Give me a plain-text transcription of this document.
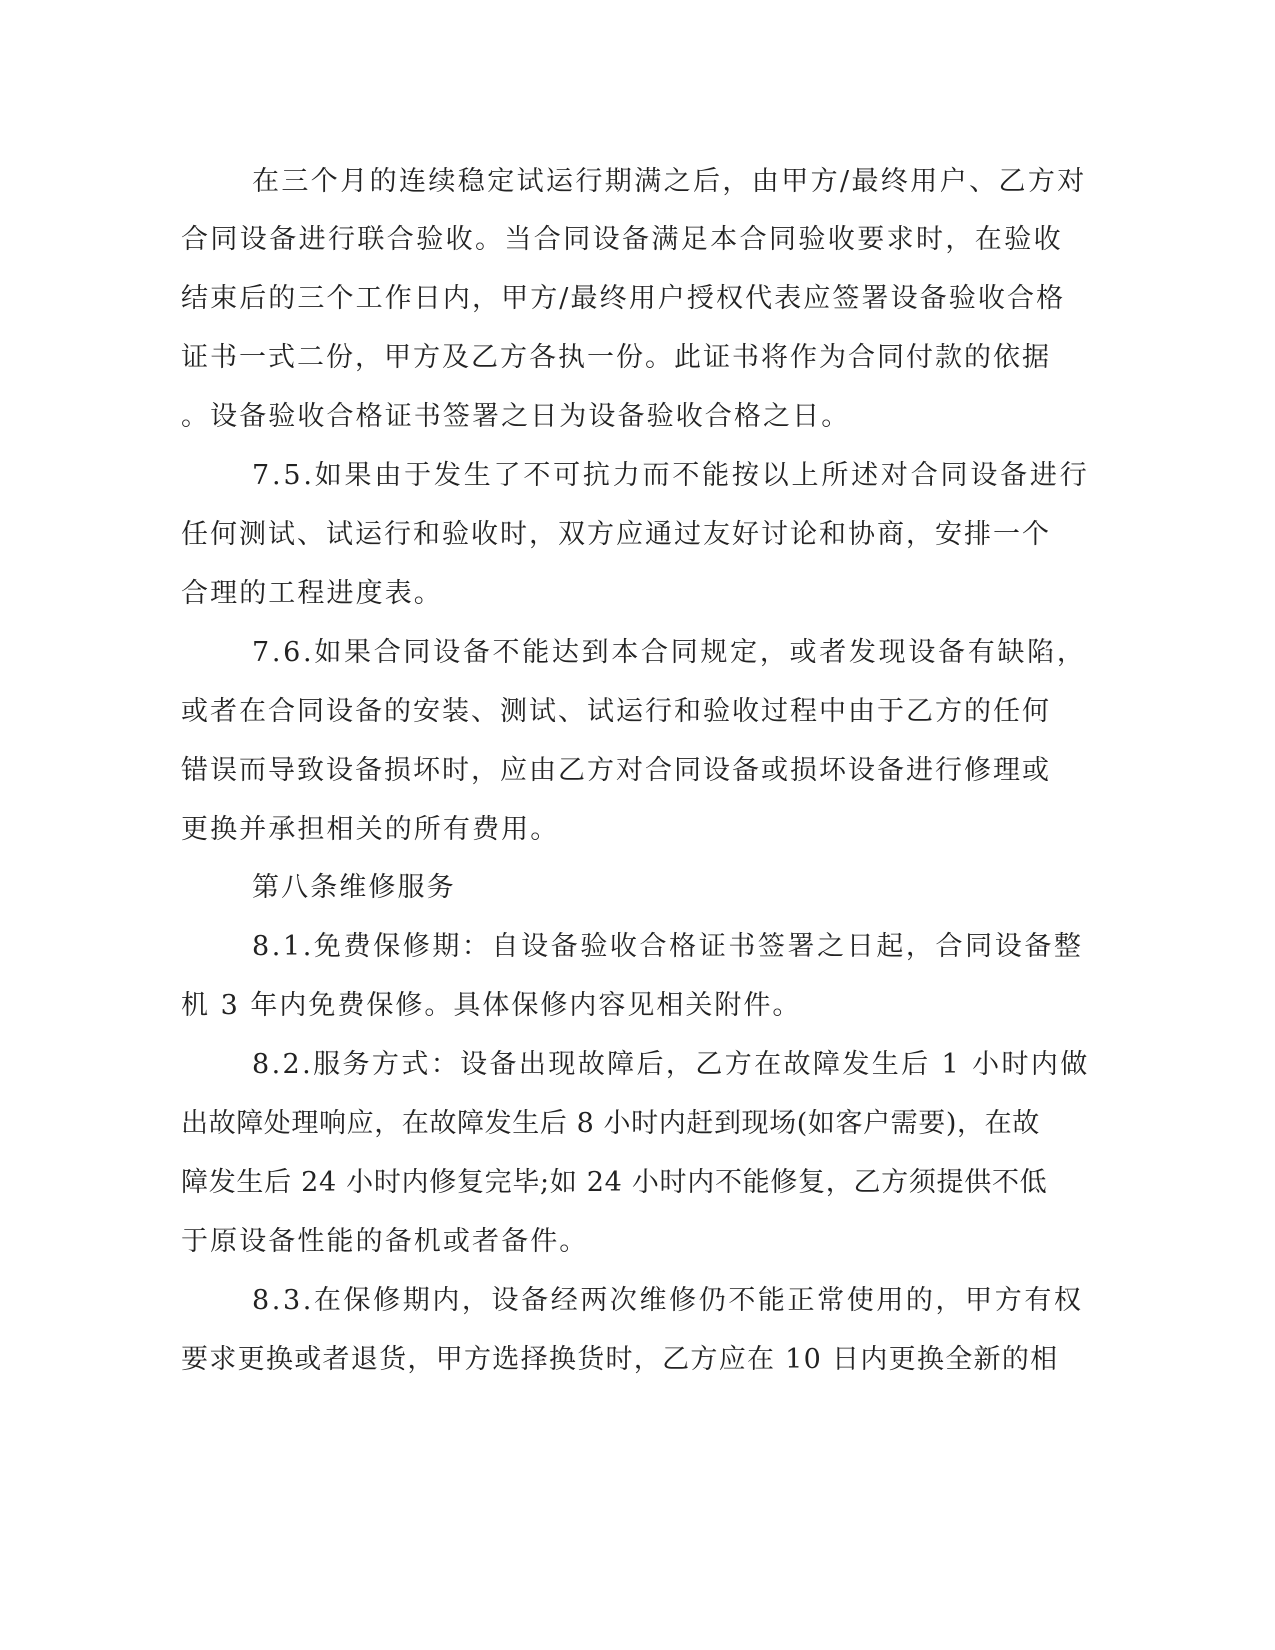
在三个月的连续稳定试运行期满之后，由甲方/最终用户、乙方对
合同设备进行联合验收。当合同设备满足本合同验收要求时，在验收
结束后的三个工作日内，甲方/最终用户授权代表应签署设备验收合格
证书一式二份，甲方及乙方各执一份。此证书将作为合同付款的依据
。设备验收合格证书签署之日为设备验收合格之日。
7.5.如果由于发生了不可抗力而不能按以上所述对合同设备进行
任何测试、试运行和验收时，双方应通过友好讨论和协商，安排一个
合理的工程进度表。
7.6.如果合同设备不能达到本合同规定，或者发现设备有缺陷，
或者在合同设备的安装、测试、试运行和验收过程中由于乙方的任何
错误而导致设备损坏时，应由乙方对合同设备或损坏设备进行修理或
更换并承担相关的所有费用。
第八条维修服务
8.1.免费保修期：自设备验收合格证书签署之日起，合同设备整
机 3 年内免费保修。具体保修内容见相关附件。
8.2.服务方式：设备出现故障后，乙方在故障发生后 1 小时内做
出故障处理响应，在故障发生后 8 小时内赶到现场(如客户需要)，在故
障发生后 24 小时内修复完毕;如 24 小时内不能修复，乙方须提供不低
于原设备性能的备机或者备件。
8.3.在保修期内，设备经两次维修仍不能正常使用的，甲方有权
要求更换或者退货，甲方选择换货时，乙方应在 10 日内更换全新的相
